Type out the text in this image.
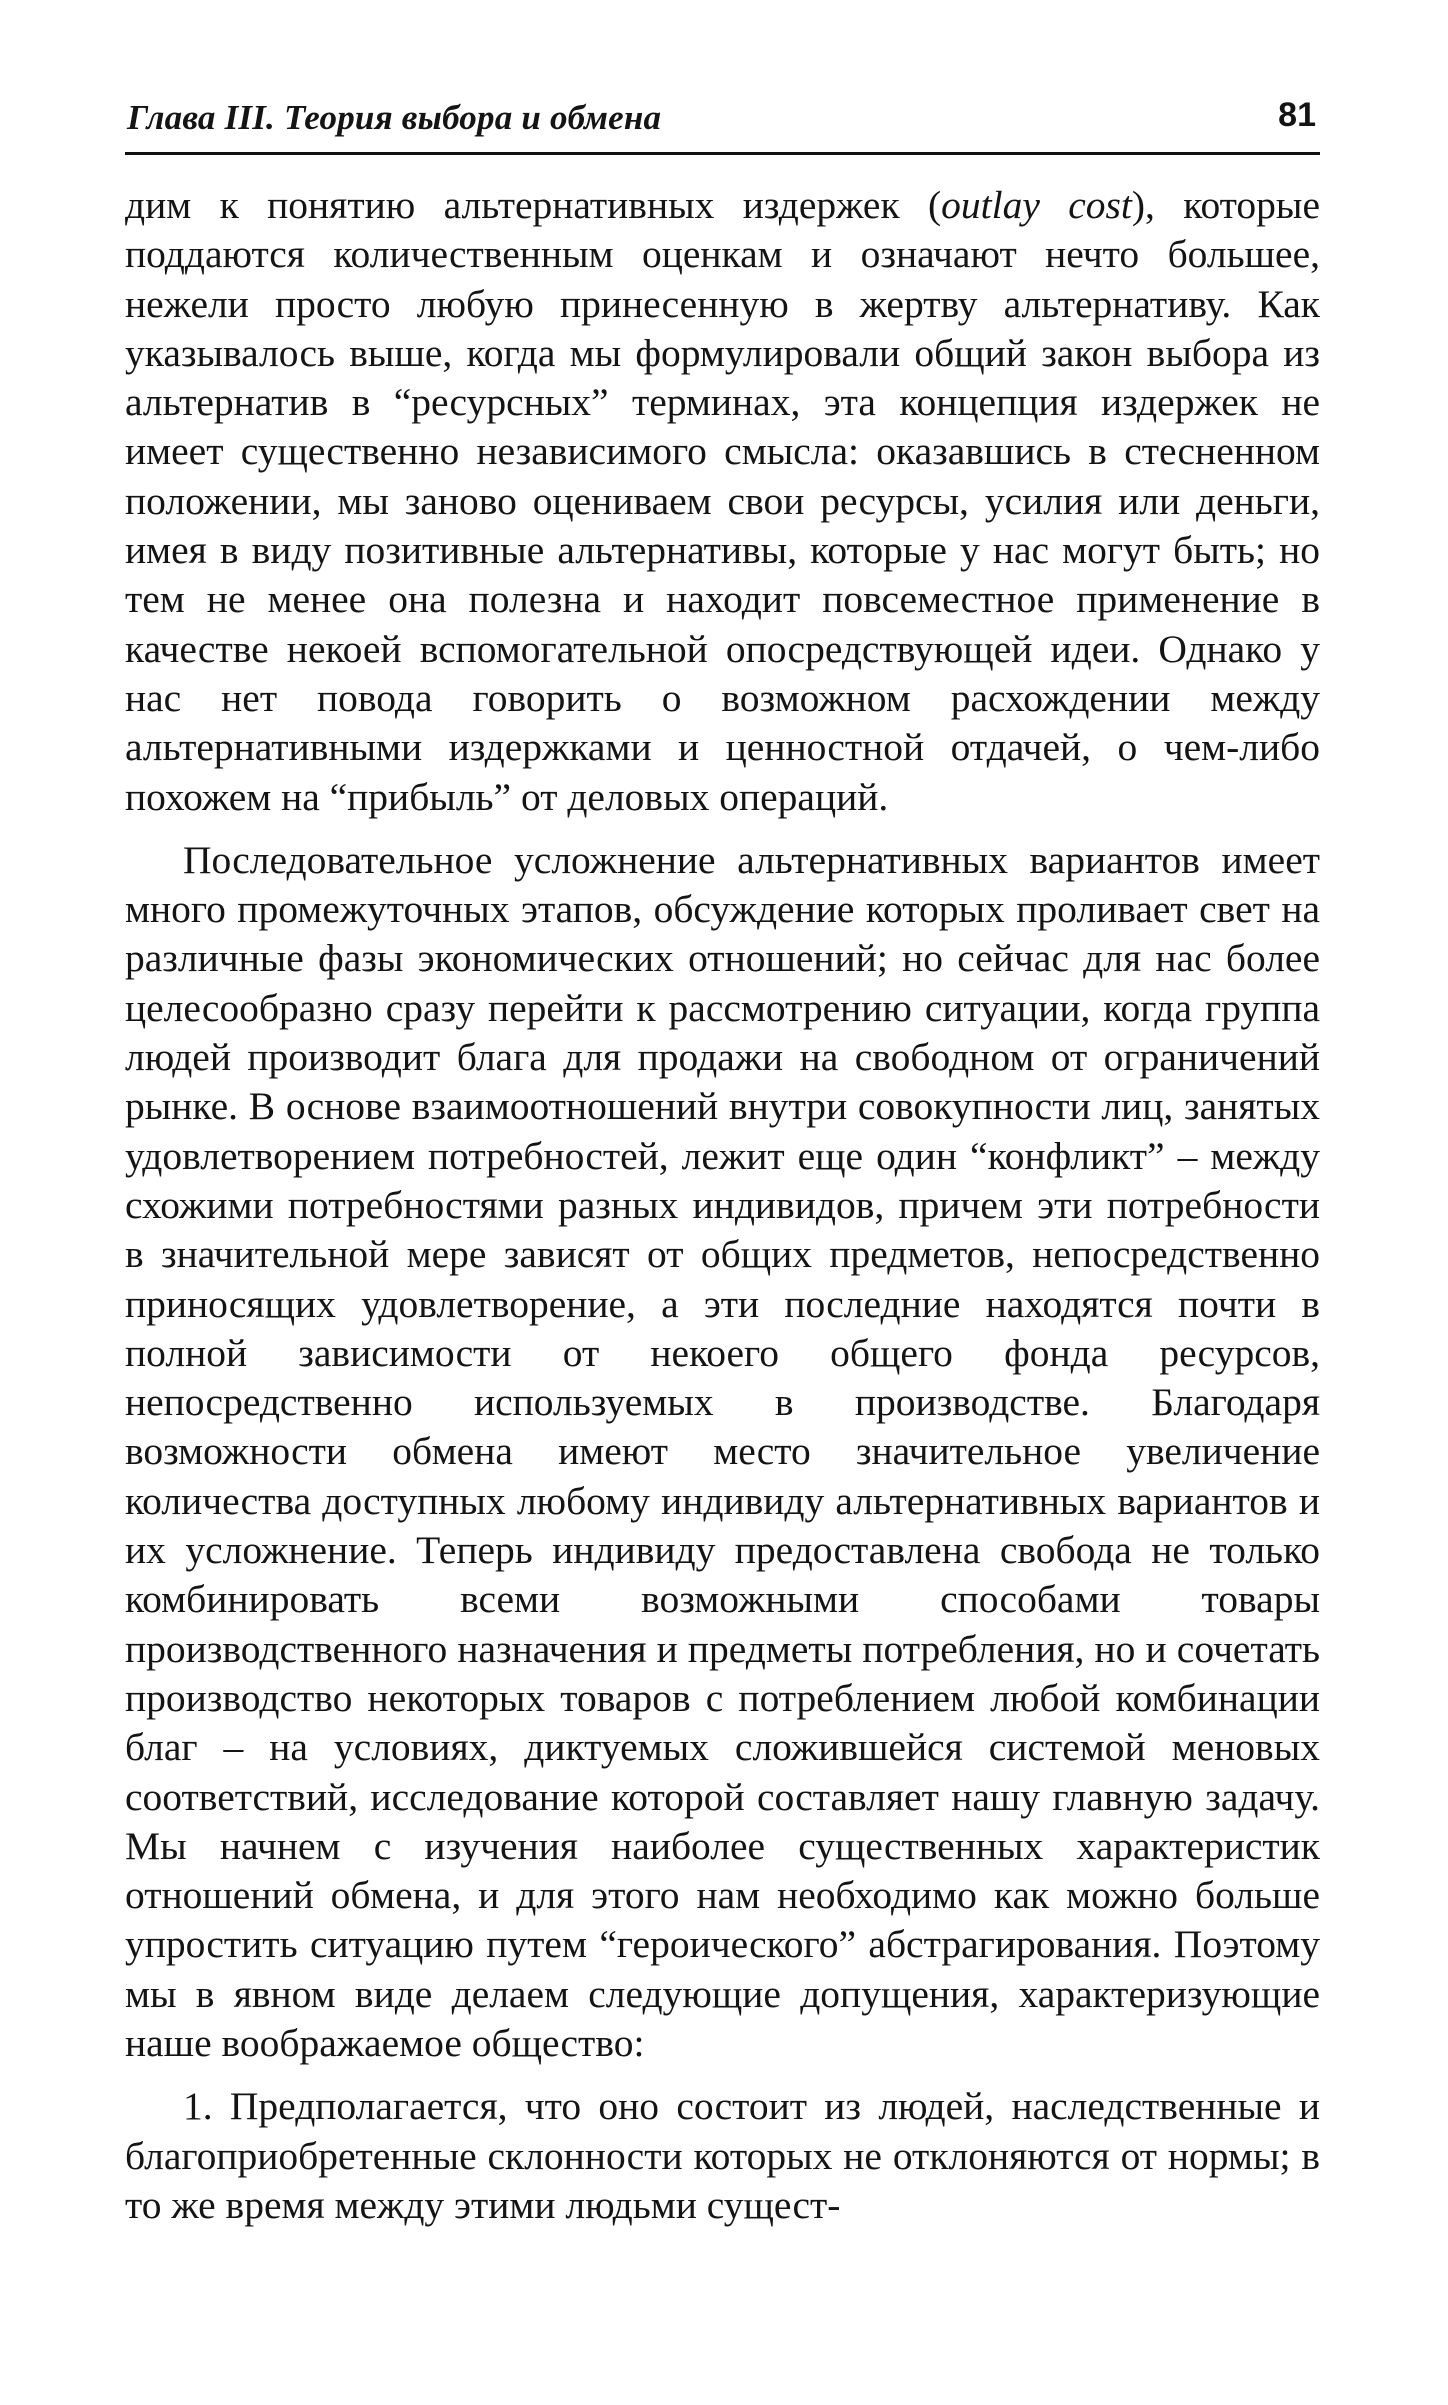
Глава III. Теория выбора и обмена	81

дим к понятию альтернативных издержек (outlay cost), которые поддаются количественным оценкам и означают нечто большее, нежели просто любую принесенную в жертву альтернативу. Как указывалось выше, когда мы формулировали общий закон выбора из альтернатив в “ресурсных” терминах, эта концепция издержек не имеет существенно независимого смысла: оказавшись в стесненном положении, мы заново оцениваем свои ресурсы, усилия или деньги, имея в виду позитивные альтернативы, которые у нас могут быть; но тем не менее она полезна и находит повсеместное применение в качестве некоей вспомогательной опосредствующей идеи. Однако у нас нет повода говорить о возможном расхождении между альтернативными издержками и ценностной отдачей, о чем-либо похожем на “прибыль” от деловых операций.

Последовательное усложнение альтернативных вариантов имеет много промежуточных этапов, обсуждение которых проливает свет на различные фазы экономических отношений; но сейчас для нас более целесообразно сразу перейти к рассмотрению ситуации, когда группа людей производит блага для продажи на свободном от ограничений рынке. В основе взаимоотношений внутри совокупности лиц, занятых удовлетворением потребностей, лежит еще один “конфликт” – между схожими потребностями разных индивидов, причем эти потребности в значительной мере зависят от общих предметов, непосредственно приносящих удовлетворение, а эти последние находятся почти в полной зависимости от некоего общего фонда ресурсов, непосредственно используемых в производстве. Благодаря возможности обмена имеют место значительное увеличение количества доступных любому индивиду альтернативных вариантов и их усложнение. Теперь индивиду предоставлена свобода не только комбинировать всеми возможными способами товары производственного назначения и предметы потребления, но и сочетать производство некоторых товаров с потреблением любой комбинации благ – на условиях, диктуемых сложившейся системой меновых соответствий, исследование которой составляет нашу главную задачу. Мы начнем с изучения наиболее существенных характеристик отношений обмена, и для этого нам необходимо как можно больше упростить ситуацию путем “героического” абстрагирования. Поэтому мы в явном виде делаем следующие допущения, характеризующие наше воображаемое общество:

1. Предполагается, что оно состоит из людей, наследственные и благоприобретенные склонности которых не отклоняются от нормы; в то же время между этими людьми сущест-
